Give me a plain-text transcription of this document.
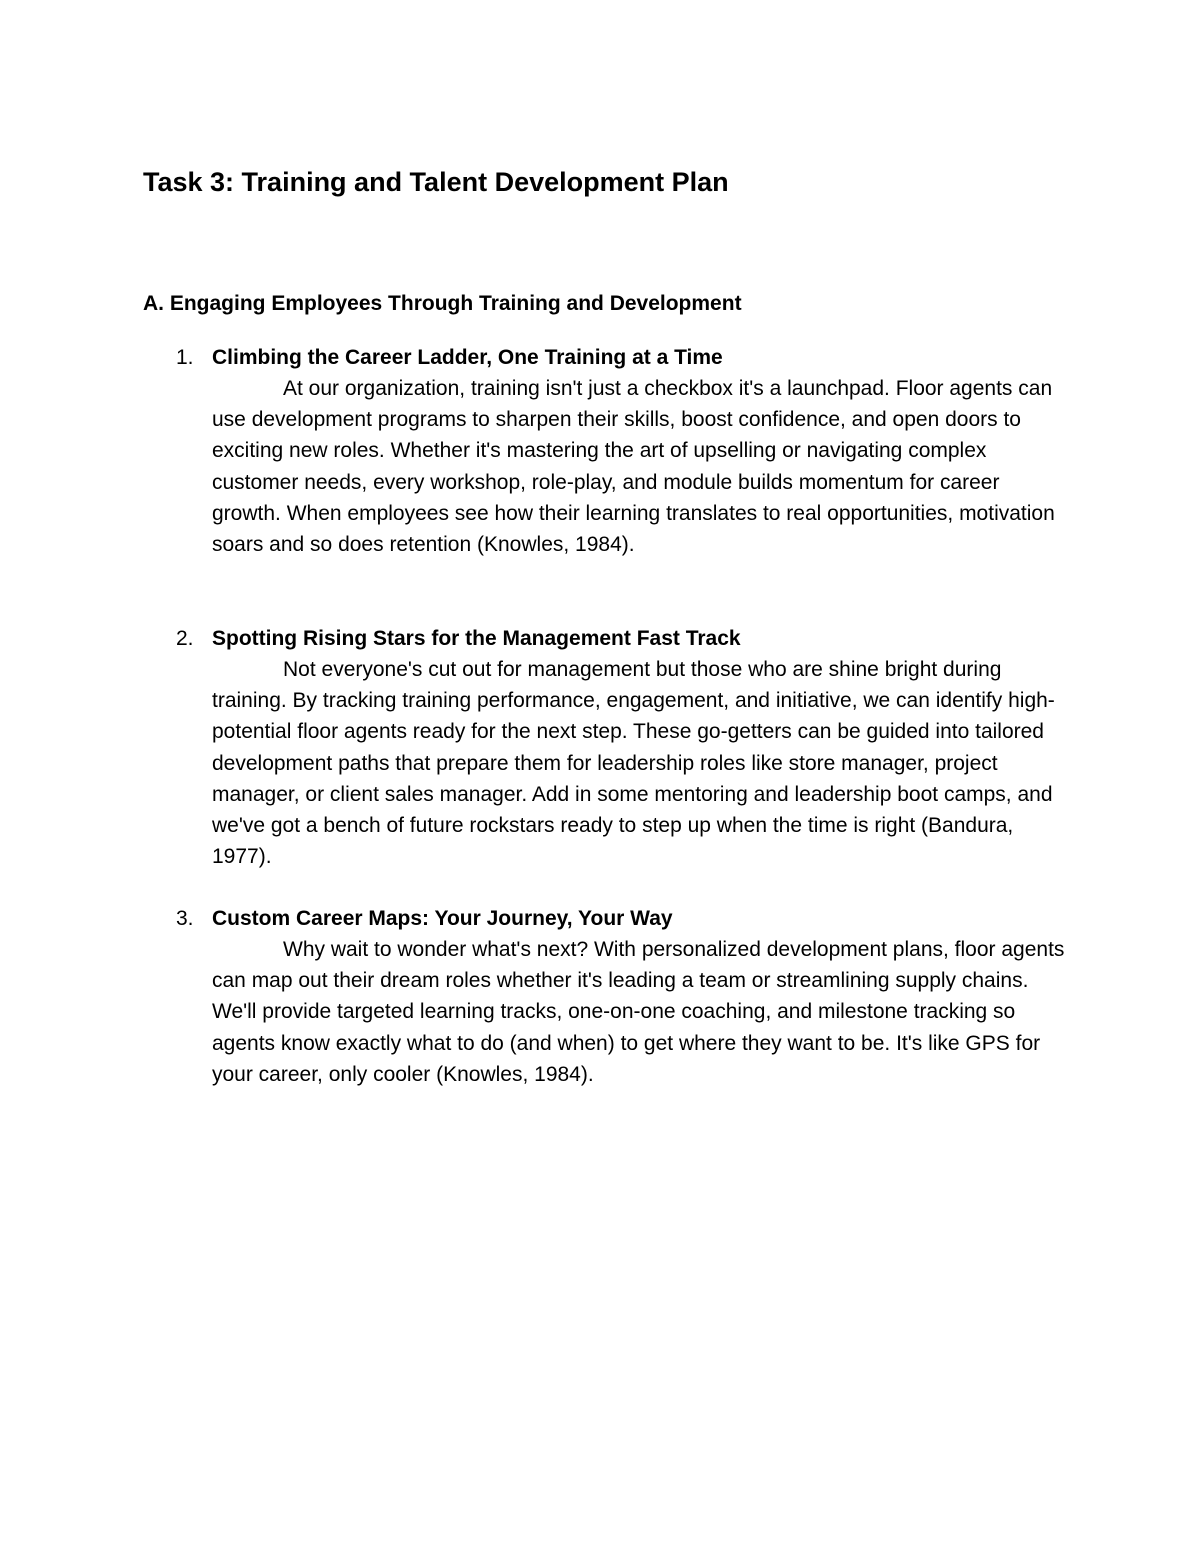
Task 3: Training and Talent Development Plan
A. Engaging Employees Through Training and Development
1. Climbing the Career Ladder, One Training at a Time

At our organization, training isn't just a checkbox it's a launchpad. Floor agents can use development programs to sharpen their skills, boost confidence, and open doors to exciting new roles. Whether it's mastering the art of upselling or navigating complex customer needs, every workshop, role-play, and module builds momentum for career growth. When employees see how their learning translates to real opportunities, motivation soars and so does retention (Knowles, 1984).

2. Spotting Rising Stars for the Management Fast Track

Not everyone's cut out for management but those who are shine bright during training. By tracking training performance, engagement, and initiative, we can identify high-potential floor agents ready for the next step. These go-getters can be guided into tailored development paths that prepare them for leadership roles like store manager, project manager, or client sales manager. Add in some mentoring and leadership boot camps, and we've got a bench of future rockstars ready to step up when the time is right (Bandura, 1977).

3. Custom Career Maps: Your Journey, Your Way

Why wait to wonder what's next? With personalized development plans, floor agents can map out their dream roles whether it's leading a team or streamlining supply chains. We'll provide targeted learning tracks, one-on-one coaching, and milestone tracking so agents know exactly what to do (and when) to get where they want to be. It's like GPS for your career, only cooler (Knowles, 1984).
